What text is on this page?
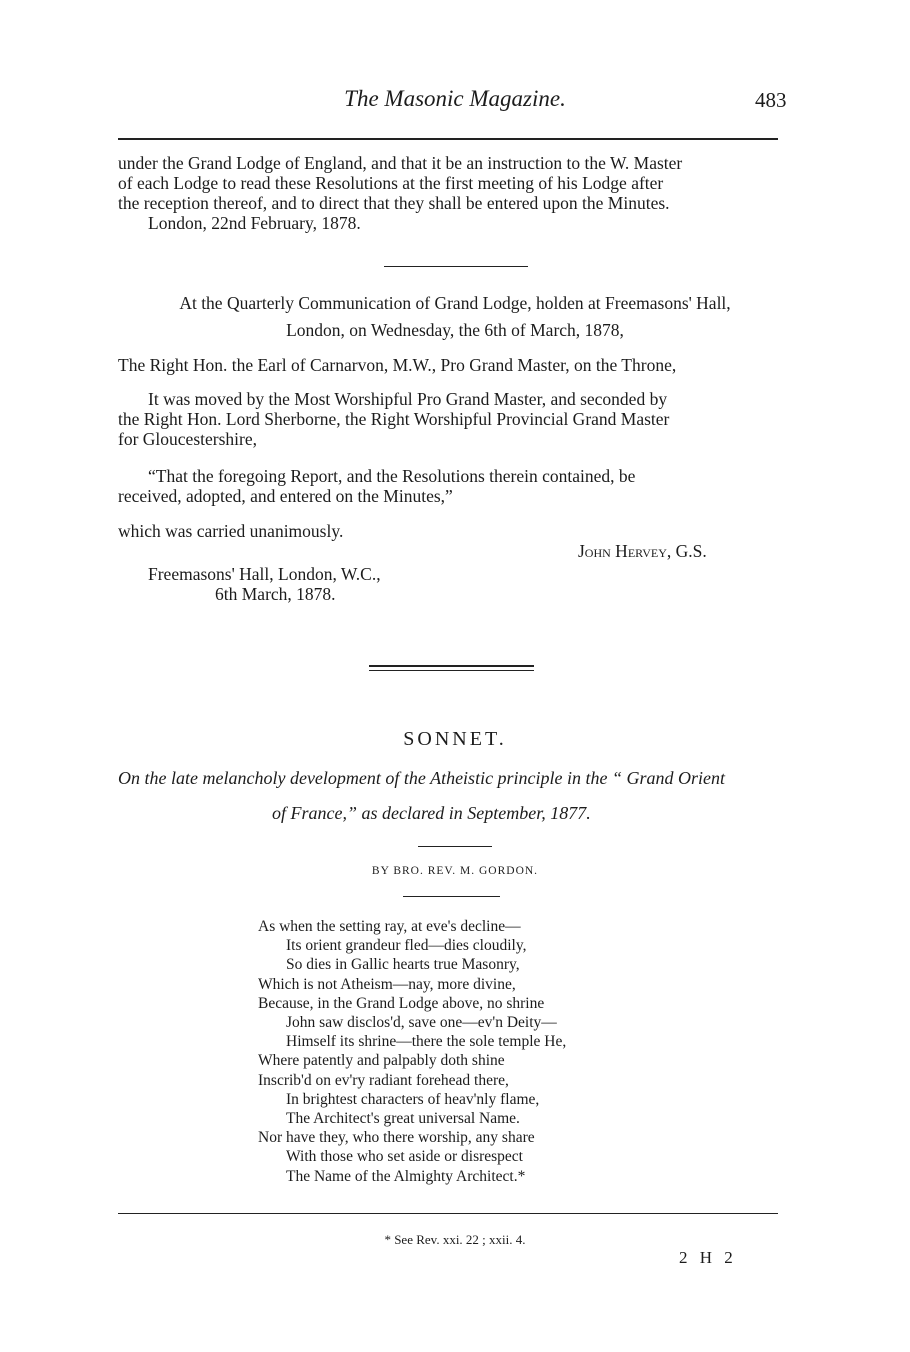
The Masonic Magazine.	483
under the Grand Lodge of England, and that it be an instruction to the W. Master
of each Lodge to read these Resolutions at the first meeting of his Lodge after
the reception thereof, and to direct that they shall be entered upon the Minutes.
London, 22nd February, 1878.
At the Quarterly Communication of Grand Lodge, holden at Freemasons' Hall,
London, on Wednesday, the 6th of March, 1878,
The Right Hon. the Earl of Carnarvon, M.W., Pro Grand Master, on the Throne,
It was moved by the Most Worshipful Pro Grand Master, and seconded by
the Right Hon. Lord Sherborne, the Right Worshipful Provincial Grand Master
for Gloucestershire,
“That the foregoing Report, and the Resolutions therein contained, be
received, adopted, and entered on the Minutes,”
which was carried unanimously.
John Hervey, G.S.
Freemasons' Hall, London, W.C.,
6th March, 1878.
SONNET.
On the late melancholy development of the Atheistic principle in the “ Grand Orient
of France,” as declared in September, 1877.
BY BRO. REV. M. GORDON.
As when the setting ray, at eve's decline—
Its orient grandeur fled—dies cloudily,
So dies in Gallic hearts true Masonry,
Which is not Atheism—nay, more divine,
Because, in the Grand Lodge above, no shrine
John saw disclos'd, save one—ev'n Deity—
Himself its shrine—there the sole temple He,
Where patently and palpably doth shine
Inscrib'd on ev'ry radiant forehead there,
In brightest characters of heav'nly flame,
The Architect's great universal Name.
Nor have they, who there worship, any share
With those who set aside or disrespect
The Name of the Almighty Architect.*
* See Rev. xxi. 22 ; xxii. 4.
2 H 2
